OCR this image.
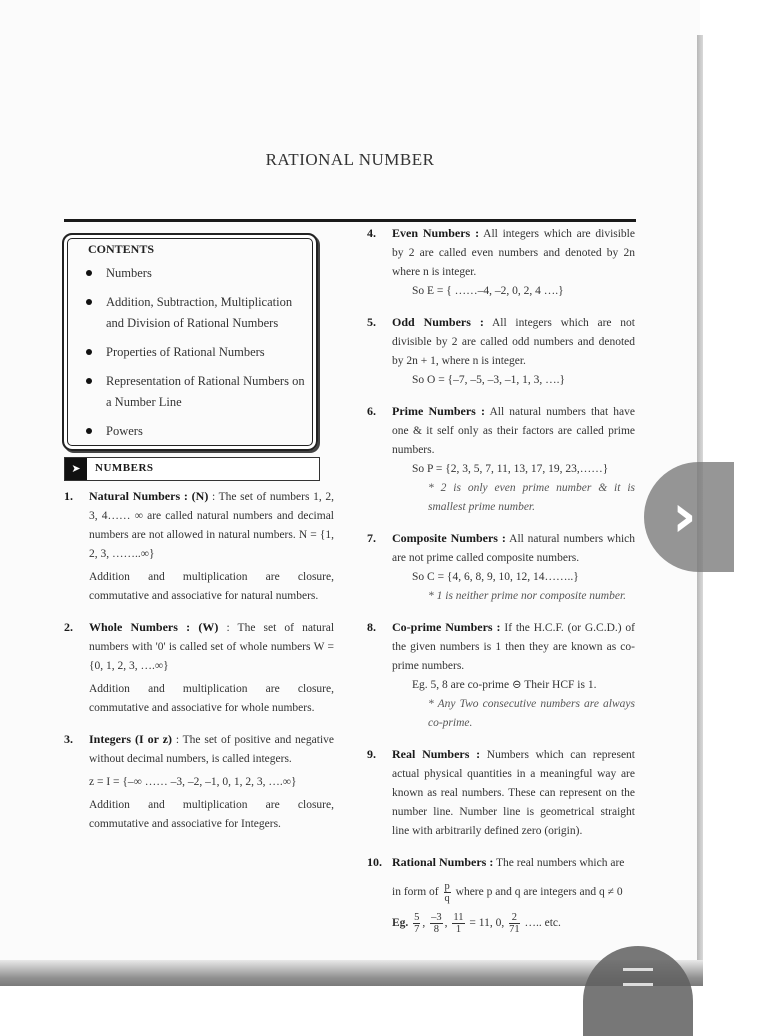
RATIONAL NUMBER
CONTENTS
Numbers
Addition, Subtraction, Multiplication and Division of Rational Numbers
Properties of Rational Numbers
Representation of Rational Numbers on a Number Line
Powers
➤	NUMBERS
1. Natural Numbers : (N) : The set of numbers 1, 2, 3, 4…… ∞ are called natural numbers and decimal numbers are not allowed in natural numbers. N = {1, 2, 3, ……..∞}
Addition and multiplication are closure, commutative and associative for natural numbers.
2. Whole Numbers : (W) : The set of natural numbers with '0' is called set of whole numbers W = {0, 1, 2, 3, ….∞}
Addition and multiplication are closure, commutative and associative for whole numbers.
3. Integers (I or z) : The set of positive and negative without decimal numbers, is called integers.
z = I = {–∞ …… –3, –2, –1, 0, 1, 2, 3, ….∞}
Addition and multiplication are closure, commutative and associative for Integers.
4. Even Numbers : All integers which are divisible by 2 are called even numbers and denoted by 2n where n is integer.
So E = { ……–4, –2, 0, 2, 4 ….}
5. Odd Numbers : All integers which are not divisible by 2 are called odd numbers and denoted by 2n + 1, where n is integer.
So O = {–7, –5, –3, –1, 1, 3, ….}
6. Prime Numbers : All natural numbers that have one & it self only as their factors are called prime numbers.
So P = {2, 3, 5, 7, 11, 13, 17, 19, 23,……}
* 2 is only even prime number & it is smallest prime number.
7. Composite Numbers : All natural numbers which are not prime called composite numbers.
So C = {4, 6, 8, 9, 10, 12, 14……..}
* 1 is neither prime nor composite number.
8. Co-prime Numbers : If the H.C.F. (or G.C.D.) of the given numbers is 1 then they are known as co-prime numbers.
Eg. 5, 8 are co-prime ⊝ Their HCF is 1.
* Any Two consecutive numbers are always co-prime.
9. Real Numbers : Numbers which can represent actual physical quantities in a meaningful way are known as real numbers. These can represent on the number line. Number line is geometrical straight line with arbitrarily defined zero (origin).
10. Rational Numbers : The real numbers which are
in form of $\frac{p}{q}$ where p and q are integers and q ≠ 0
Eg. $\frac{5}{7}$ , $\frac{-3}{8}$ , $\frac{11}{1} = 11$, 0, $\frac{2}{71}$ ….. etc.
›
